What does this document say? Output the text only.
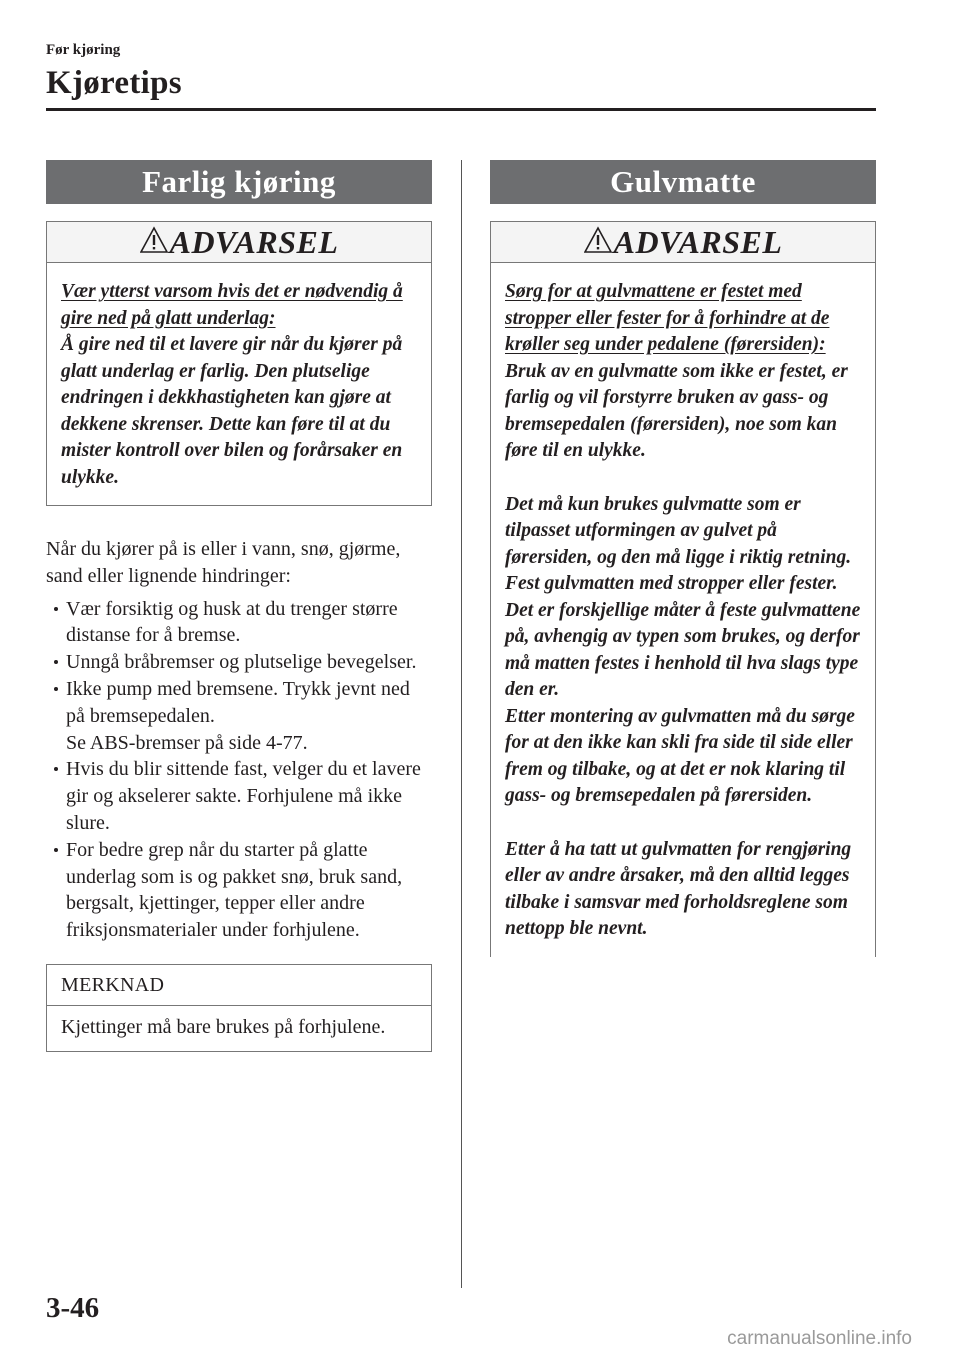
Før kjøring
Kjøretips
Farlig kjøring
ADVARSEL

Vær ytterst varsom hvis det er nødvendig å gire ned på glatt underlag:

Å gire ned til et lavere gir når du kjører på glatt underlag er farlig. Den plutselige endringen i dekkhastigheten kan gjøre at dekkene skrenser. Dette kan føre til at du mister kontroll over bilen og forårsaker en ulykke.

Når du kjører på is eller i vann, snø, gjørme, sand eller lignende hindringer:
Vær forsiktig og husk at du trenger større distanse for å bremse.
Unngå bråbremser og plutselige bevegelser.
Ikke pump med bremsene. Trykk jevnt ned på bremsepedalen.
Se ABS-bremser på side 4-77.
Hvis du blir sittende fast, velger du et lavere gir og akselerer sakte. Forhjulene må ikke slure.
For bedre grep når du starter på glatte underlag som is og pakket snø, bruk sand, bergsalt, kjettinger, tepper eller andre friksjonsmaterialer under forhjulene.
MERKNAD
Kjettinger må bare brukes på forhjulene.
Gulvmatte
ADVARSEL

Sørg for at gulvmattene er festet med stropper eller fester for å forhindre at de krøller seg under pedalene (førersiden):

Bruk av en gulvmatte som ikke er festet, er farlig og vil forstyrre bruken av gass- og bremsepedalen (førersiden), noe som kan føre til en ulykke.

Det må kun brukes gulvmatte som er tilpasset utformingen av gulvet på førersiden, og den må ligge i riktig retning.

Fest gulvmatten med stropper eller fester.

Det er forskjellige måter å feste gulvmattene på, avhengig av typen som brukes, og derfor må matten festes i henhold til hva slags type den er.

Etter montering av gulvmatten må du sørge for at den ikke kan skli fra side til side eller frem og tilbake, og at det er nok klaring til gass- og bremsepedalen på førersiden.

Etter å ha tatt ut gulvmatten for rengjøring eller av andre årsaker, må den alltid legges tilbake i samsvar med forholdsreglene som nettopp ble nevnt.

3-46
carmanualsonline.info
